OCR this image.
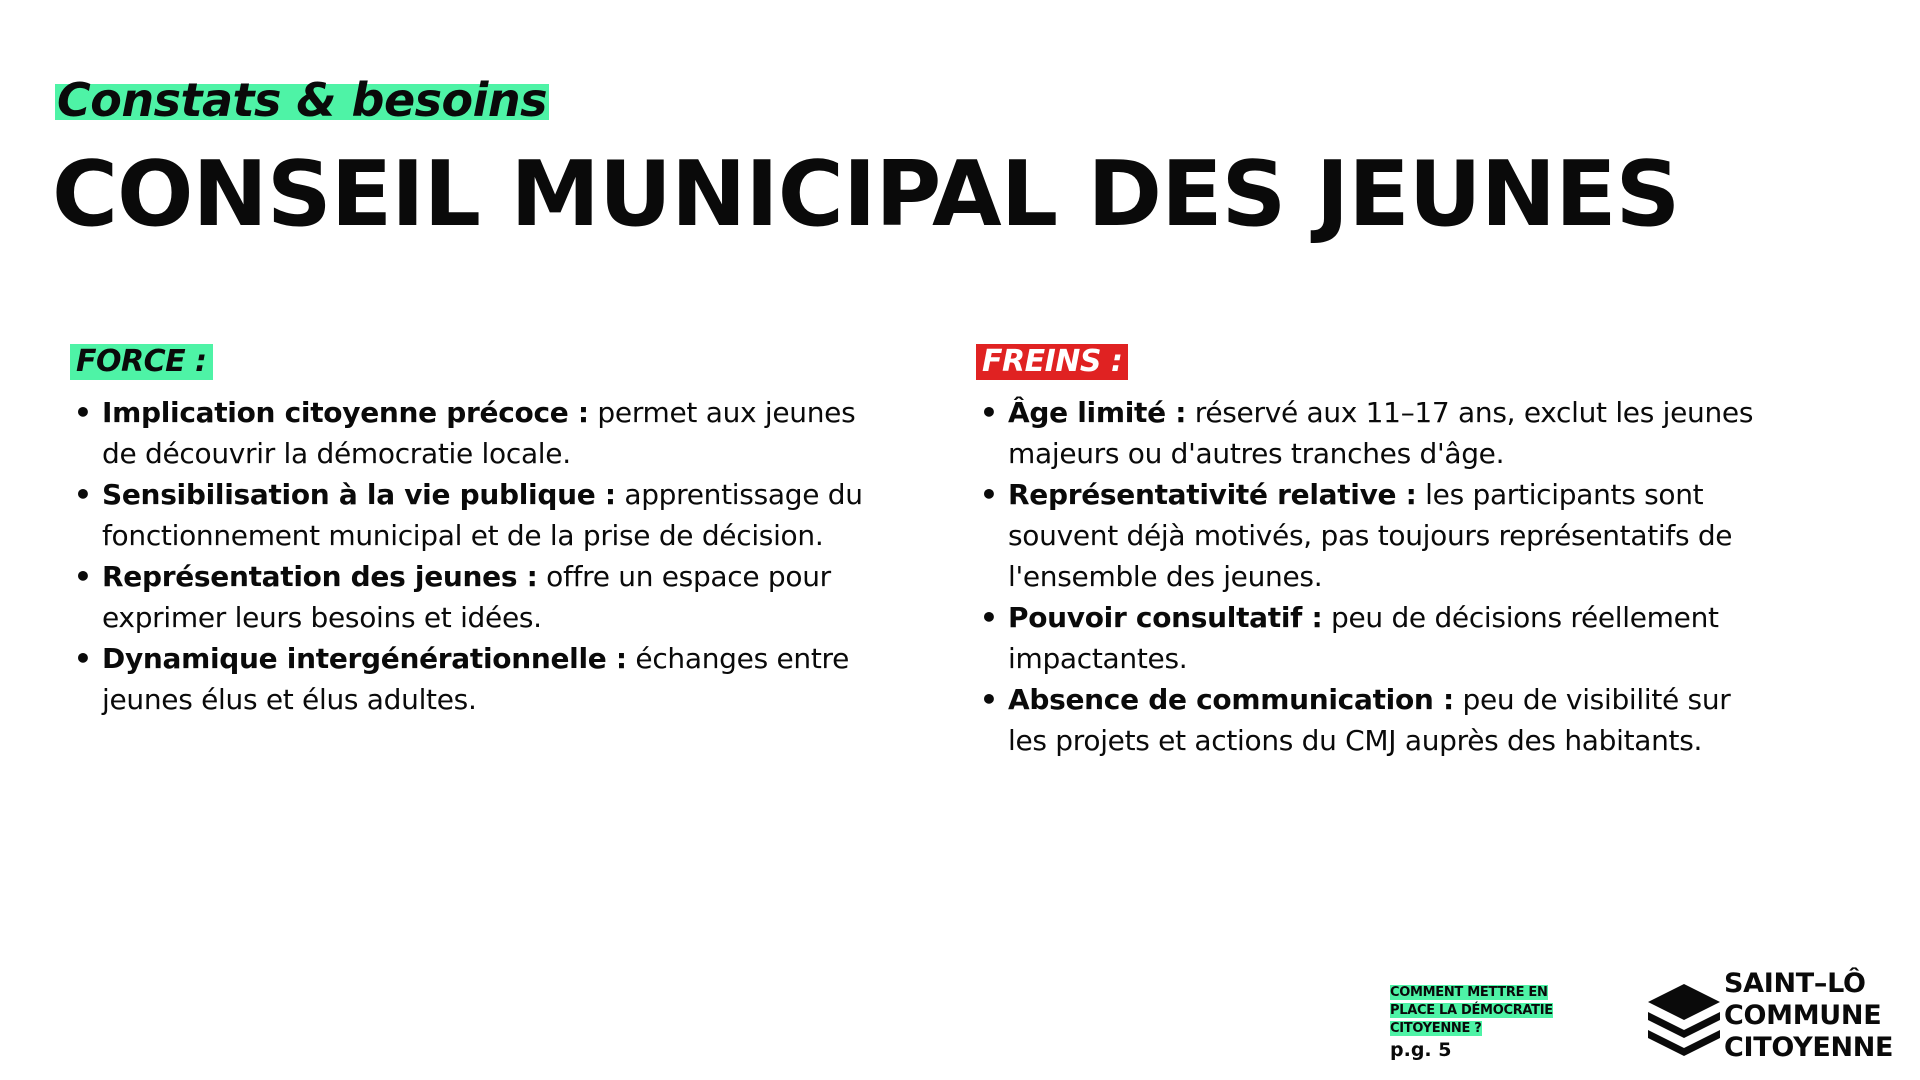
Constats & besoins
CONSEIL MUNICIPAL DES JEUNES
FORCE :
• Implication citoyenne précoce : permet aux jeunes de découvrir la démocratie locale.
• Sensibilisation à la vie publique : apprentissage du fonctionnement municipal et de la prise de décision.
• Représentation des jeunes : offre un espace pour exprimer leurs besoins et idées.
• Dynamique intergénérationnelle : échanges entre jeunes élus et élus adultes.
FREINS :
• Âge limité : réservé aux 11–17 ans, exclut les jeunes majeurs ou d'autres tranches d'âge.
• Représentativité relative : les participants sont souvent déjà motivés, pas toujours représentatifs de l'ensemble des jeunes.
• Pouvoir consultatif : peu de décisions réellement impactantes.
• Absence de communication : peu de visibilité sur les projets et actions du CMJ auprès des habitants.
COMMENT METTRE EN PLACE LA DÉMOCRATIE CITOYENNE ?
p.g. 5
SAINT–LÔ
COMMUNE
CITOYENNE
